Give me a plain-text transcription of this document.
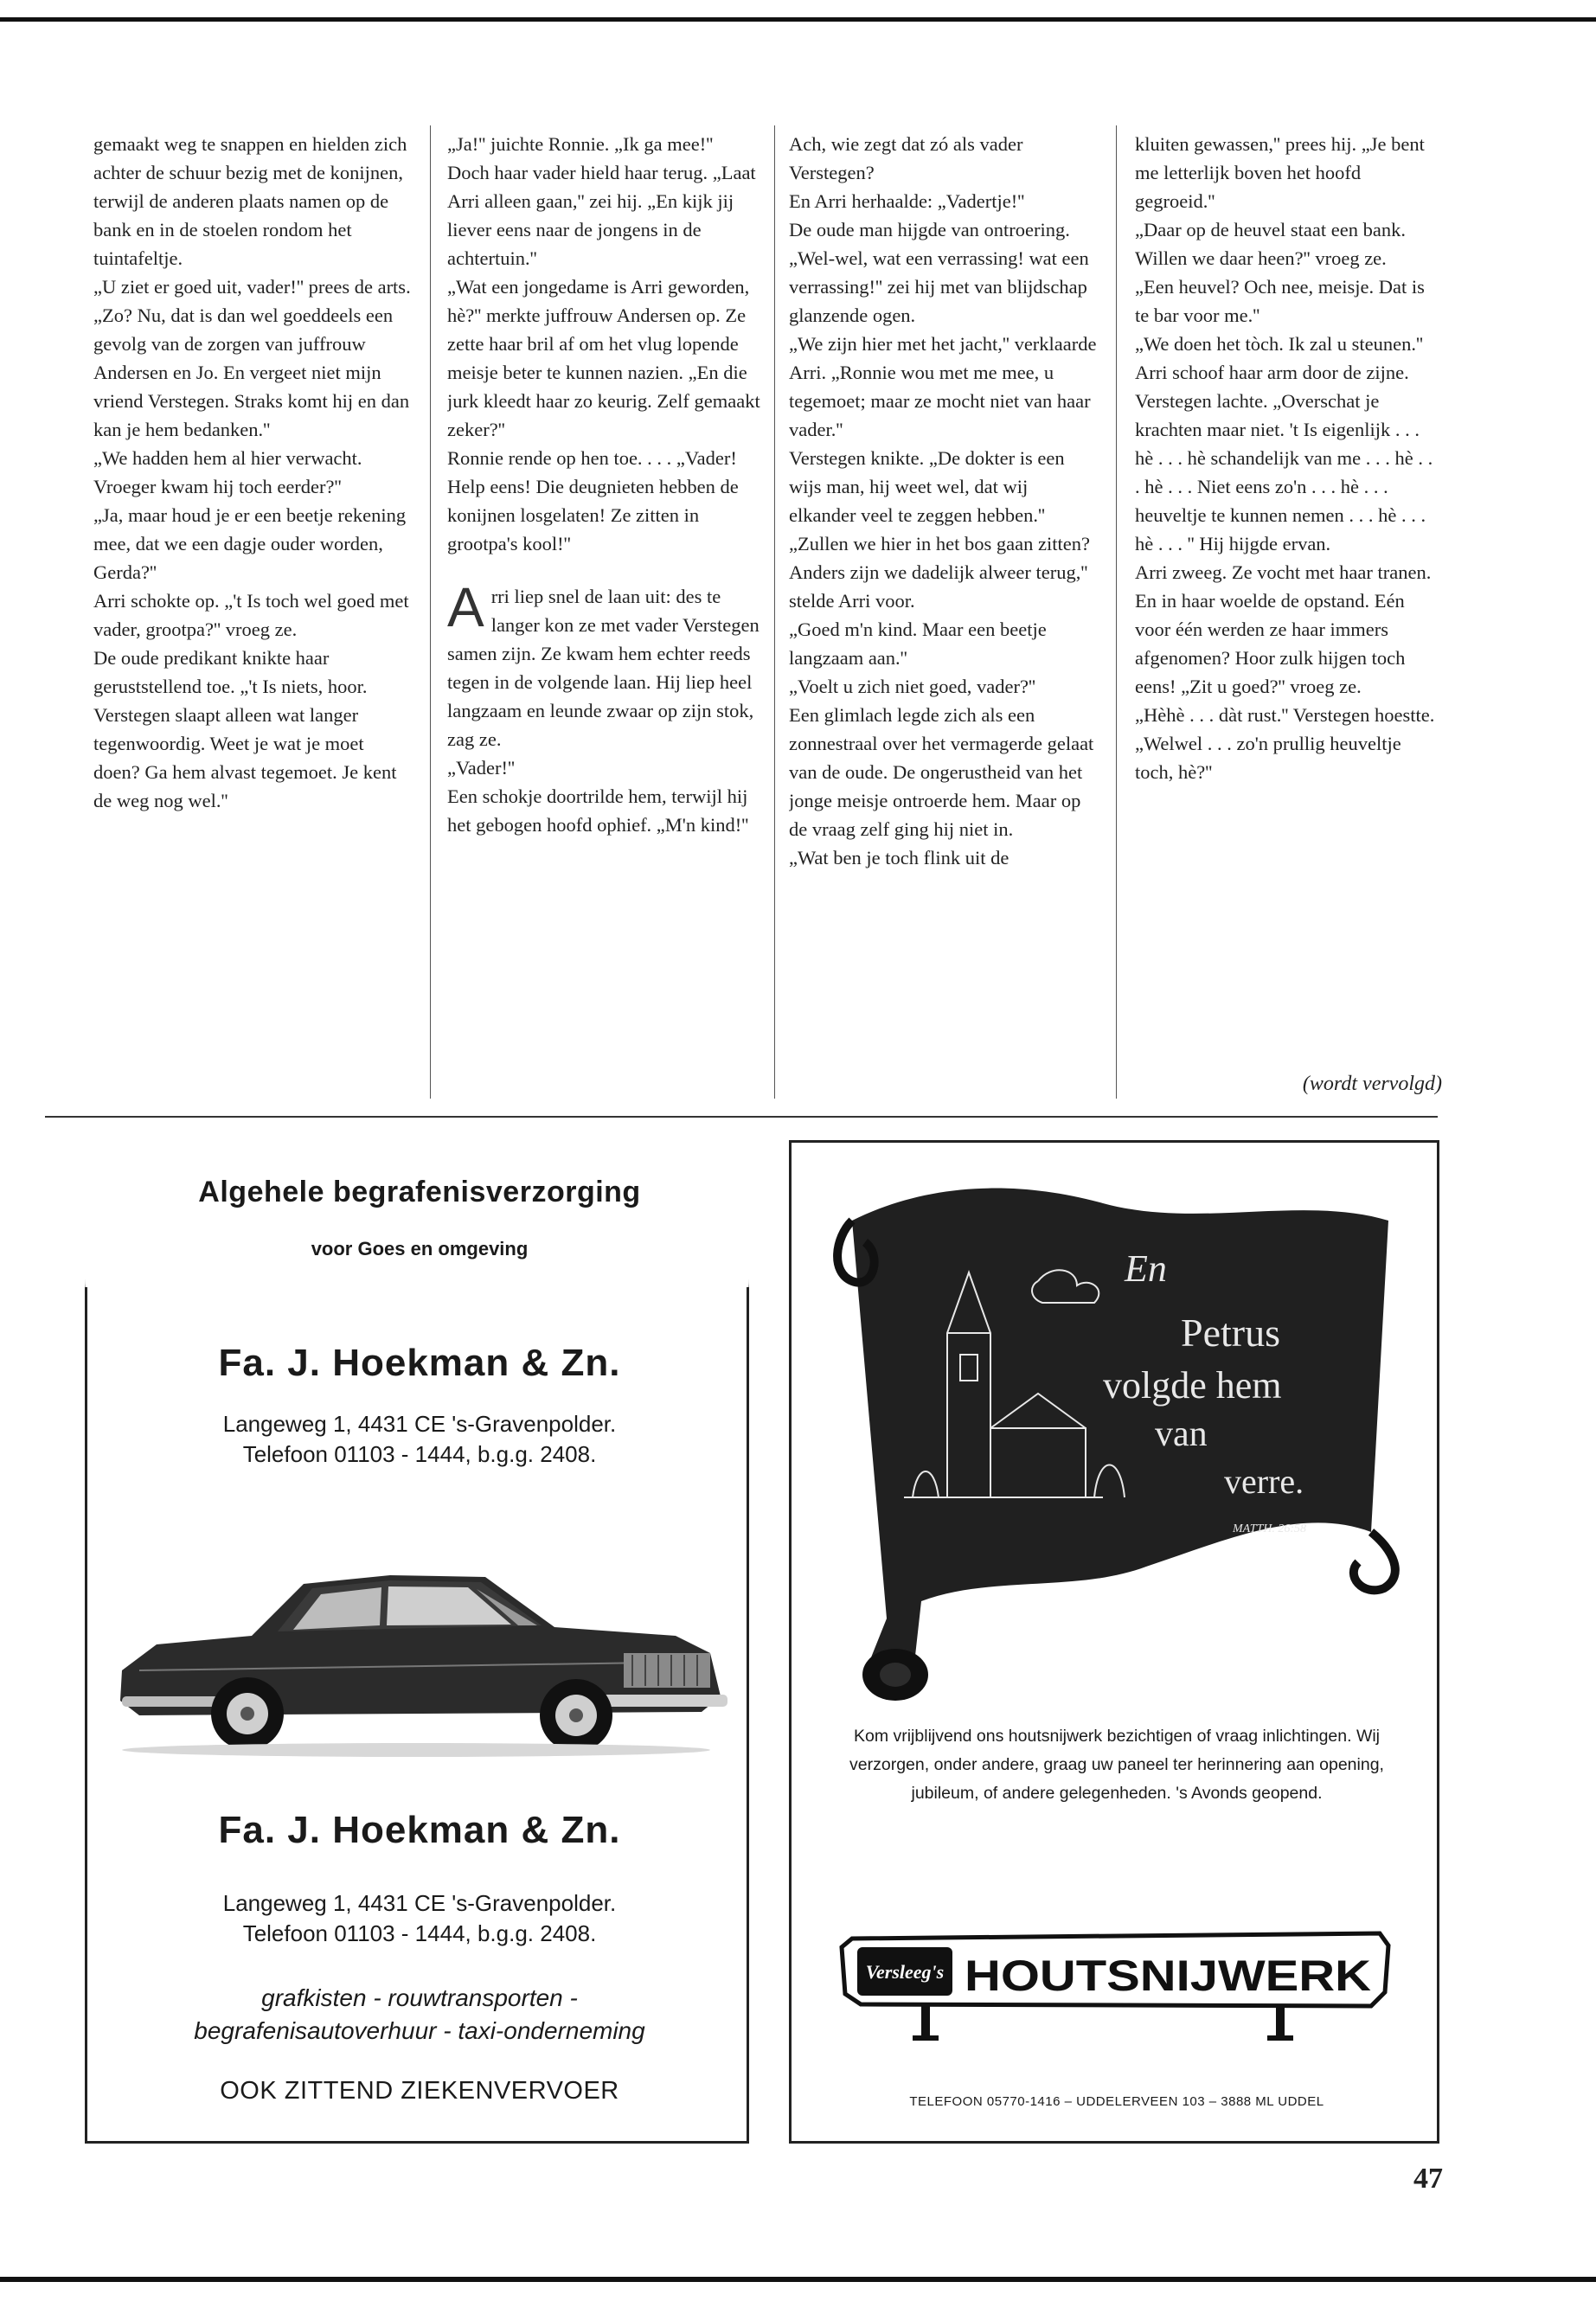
gemaakt weg te snappen en hielden zich achter de schuur bezig met de konijnen, terwijl de anderen plaats namen op de bank en in de stoelen rondom het tuintafeltje.
„U ziet er goed uit, vader!'' prees de arts.
„Zo? Nu, dat is dan wel goeddeels een gevolg van de zorgen van juffrouw Andersen en Jo. En vergeet niet mijn vriend Verstegen. Straks komt hij en dan kan je hem bedanken.''
„We hadden hem al hier verwacht. Vroeger kwam hij toch eerder?''
„Ja, maar houd je er een beetje rekening mee, dat we een dagje ouder worden, Gerda?''
Arri schokte op. „'t Is toch wel goed met vader, grootpa?'' vroeg ze.
De oude predikant knikte haar geruststellend toe. „'t Is niets, hoor. Verstegen slaapt alleen wat langer tegenwoordig. Weet je wat je moet doen? Ga hem alvast tegemoet. Je kent de weg nog wel.''

„Ja!'' juichte Ronnie. „Ik ga mee!''
Doch haar vader hield haar terug. „Laat Arri alleen gaan,'' zei hij. „En kijk jij liever eens naar de jongens in de achtertuin.''
„Wat een jongedame is Arri geworden, hè?'' merkte juffrouw Andersen op. Ze zette haar bril af om het vlug lopende meisje beter te kunnen nazien. „En die jurk kleedt haar zo keurig. Zelf gemaakt zeker?''
Ronnie rende op hen toe. . . . „Vader! Help eens! Die deugnieten hebben de konijnen losgelaten! Ze zitten in grootpa's kool!''

Arri liep snel de laan uit: des te langer kon ze met vader Verstegen samen zijn. Ze kwam hem echter reeds tegen in de volgende laan. Hij liep heel langzaam en leunde zwaar op zijn stok, zag ze.
„Vader!''
Een schokje doortrilde hem, terwijl hij het gebogen hoofd ophief. „M'n kind!''

Ach, wie zegt dat zó als vader Verstegen?
En Arri herhaalde: „Vadertje!''
De oude man hijgde van ontroering. „Wel-wel, wat een verrassing! wat een verrassing!'' zei hij met van blijdschap glanzende ogen.
„We zijn hier met het jacht,'' verklaarde Arri. „Ronnie wou met me mee, u tegemoet; maar ze mocht niet van haar vader.''
Verstegen knikte. „De dokter is een wijs man, hij weet wel, dat wij elkander veel te zeggen hebben.''
„Zullen we hier in het bos gaan zitten? Anders zijn we dadelijk alweer terug,'' stelde Arri voor.
„Goed m'n kind. Maar een beetje langzaam aan.''
„Voelt u zich niet goed, vader?''
Een glimlach legde zich als een zonnestraal over het vermagerde gelaat van de oude. De ongerustheid van het jonge meisje ontroerde hem. Maar op de vraag zelf ging hij niet in.
„Wat ben je toch flink uit de

kluiten gewassen,'' prees hij. „Je bent me letterlijk boven het hoofd gegroeid.''
„Daar op de heuvel staat een bank. Willen we daar heen?'' vroeg ze.
„Een heuvel? Och nee, meisje. Dat is te bar voor me.''
„We doen het tòch. Ik zal u steunen.''
Arri schoof haar arm door de zijne. Verstegen lachte. „Overschat je krachten maar niet. 't Is eigenlijk . . . hè . . . hè schandelijk van me . . . hè . . . hè . . . Niet eens zo'n . . . hè . . . heuveltje te kunnen nemen . . . hè . . . hè . . . '' Hij hijgde ervan.
Arri zweeg. Ze vocht met haar tranen. En in haar woelde de opstand. Eén voor één werden ze haar immers afgenomen? Hoor zulk hijgen toch eens! „Zit u goed?'' vroeg ze.
„Hèhè . . . dàt rust.'' Verstegen hoestte. „Welwel . . . zo'n prullig heuveltje toch, hè?''

(wordt vervolgd)
Algehele begrafenisverzorging
voor Goes en omgeving
Fa. J. Hoekman & Zn.
Langeweg 1, 4431 CE 's-Gravenpolder.
Telefoon 01103 - 1444, b.g.g. 2408.
Fa. J. Hoekman & Zn.
Langeweg 1, 4431 CE 's-Gravenpolder.
Telefoon 01103 - 1444, b.g.g. 2408.
grafkisten - rouwtransporten -
begrafenisautoverhuur - taxi-onderneming
OOK ZITTEND ZIEKENVERVOER
En
Petrus
volgde hem
van
verre.
MATTH. 26:58
Kom vrijblijvend ons houtsnijwerk bezichtigen of vraag inlichtingen. Wij verzorgen, onder andere, graag uw paneel ter herinnering aan opening, jubileum, of andere gelegenheden. 's Avonds geopend.
Versleeg's HOUTSNIJWERK
TELEFOON 05770-1416 – UDDELERVEEN 103 – 3888 ML UDDEL
47
